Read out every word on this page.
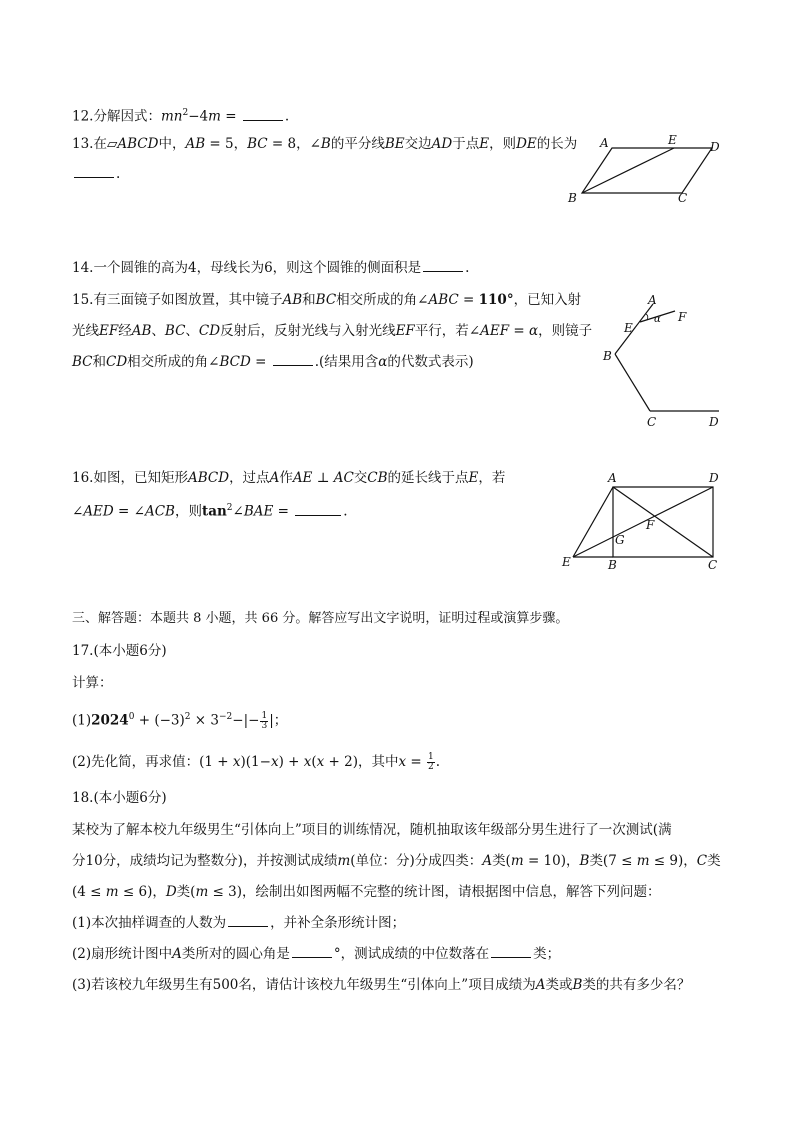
12.分解因式：$mn^2-4m$ =	.
13.在▱ABCD中，AB = 5，BC = 8，∠B的平分线BE交边AD于点E，则DE的长为
.
A	E	D
B	C
14.一个圆锥的高为4，母线长为6，则这个圆锥的侧面积是	.
15.有三面镜子如图放置，其中镜子AB和BC相交所成的角∠ABC = 110°，已知入射
光线EF经AB、BC、CD反射后，反射光线与入射光线EF平行，若∠AEF = α，则镜子
BC和CD相交所成的角∠BCD =	.(结果用含α的代数式表示)
A
E
F
α
B
C	D
16.如图，已知矩形ABCD，过点A作AE ⊥ AC交CB的延长线于点E，若
∠AED = ∠ACB，则$\tan^2\angle BAE$ =	.
A	D
F
G
E	B	C
三、解答题：本题共 8 小题，共 66 分。解答应写出文字说明，证明过程或演算步骤。
17.(本小题6分)
计算：
$(1)2024^0 + (-3)^2 \times 3^{-2}-|- \frac{1}{3}$ |；
(2)先化简，再求值：(1 + x)(1−x) + x(x + 2)，其中$x = \frac{1}{2}$ .
18.(本小题6分)
某校为了解本校九年级男生“引体向上”项目的训练情况，随机抽取该年级部分男生进行了一次测试(满
分10分，成绩均记为整数分)，并按测试成绩m(单位：分)分成四类：A类(m = 10)，B类(7 ≤ m ≤ 9)，C类
(4 ≤ m ≤ 6)，D类(m ≤ 3)，绘制出如图两幅不完整的统计图，请根据图中信息，解答下列问题：
(1)本次抽样调查的人数为	，并补全条形统计图；
(2)扇形统计图中A类所对的圆心角是	°，测试成绩的中位数落在	类；
(3)若该校九年级男生有500名，请估计该校九年级男生“引体向上”项目成绩为A类或B类的共有多少名？
